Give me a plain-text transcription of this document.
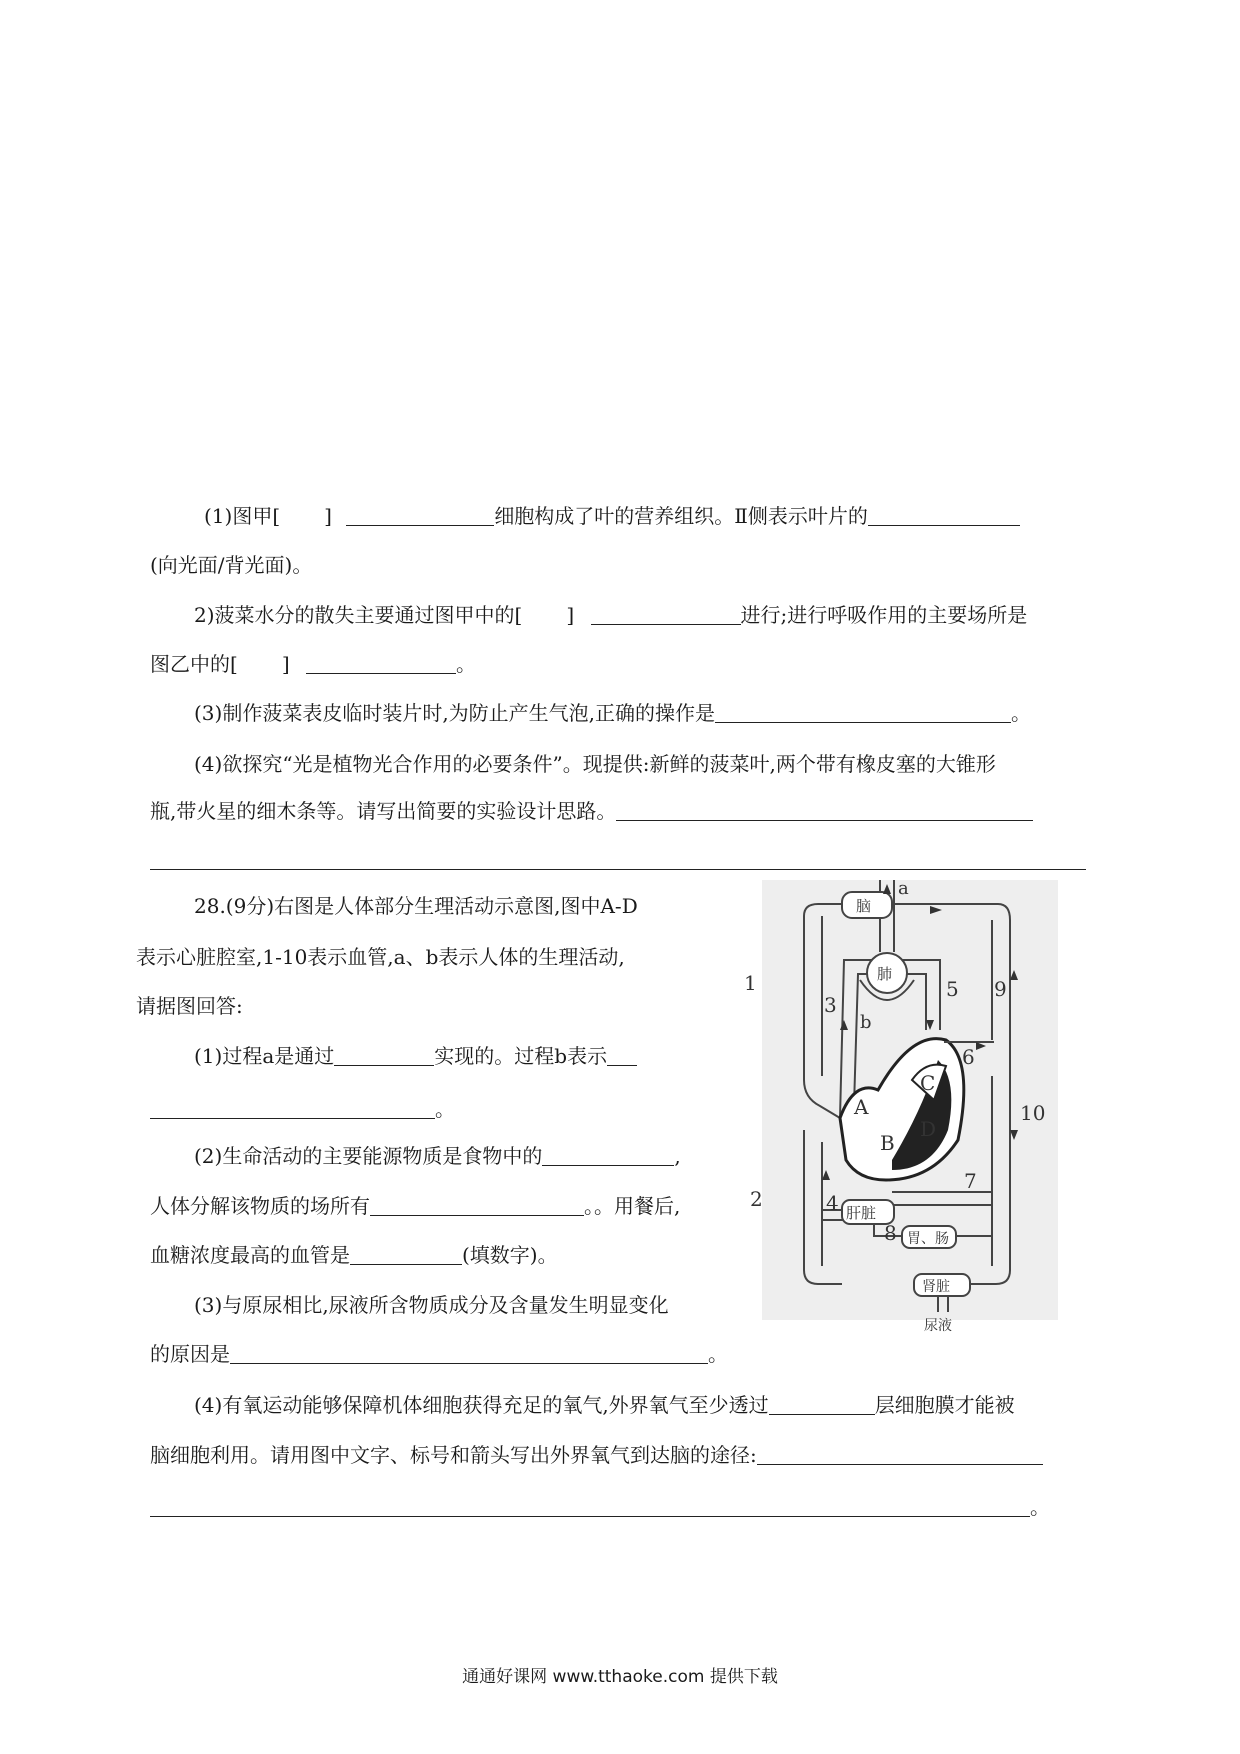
(1)图甲[ ]	细胞构成了叶的营养组织。Ⅱ侧表示叶片的
(向光面/背光面)。
2)菠菜水分的散失主要通过图甲中的[ ]	进行;进行呼吸作用的主要场所是
图乙中的[ ]	。
(3)制作菠菜表皮临时装片时,为防止产生气泡,正确的操作是	。
(4)欲探究“光是植物光合作用的必要条件”。现提供:新鲜的菠菜叶,两个带有橡皮塞的大锥形
瓶,带火星的细木条等。请写出简要的实验设计思路。
28.(9分)右图是人体部分生理活动示意图,图中A-D
表示心脏腔室,1-10表示血管,a、b表示人体的生理活动,
请据图回答:
(1)过程a是通过	实现的。过程b表示
。
(2)生命活动的主要能源物质是食物中的	,
人体分解该物质的场所有	。。用餐后,
血糖浓度最高的血管是	(填数字)。
(3)与原尿相比,尿液所含物质成分及含量发生明显变化
的原因是	。
(4)有氧运动能够保障机体细胞获得充足的氧气,外界氧气至少透过	层细胞膜才能被
脑细胞利用。请用图中文字、标号和箭头写出外界氧气到达脑的途径:
。
脑
肺
肝脏
胃、肠
肾脏
尿液
a
b
A
B
C
D
1
2
3
4
5
6
7
8
9
10
通通好课网 www.tthaoke.com 提供下载
